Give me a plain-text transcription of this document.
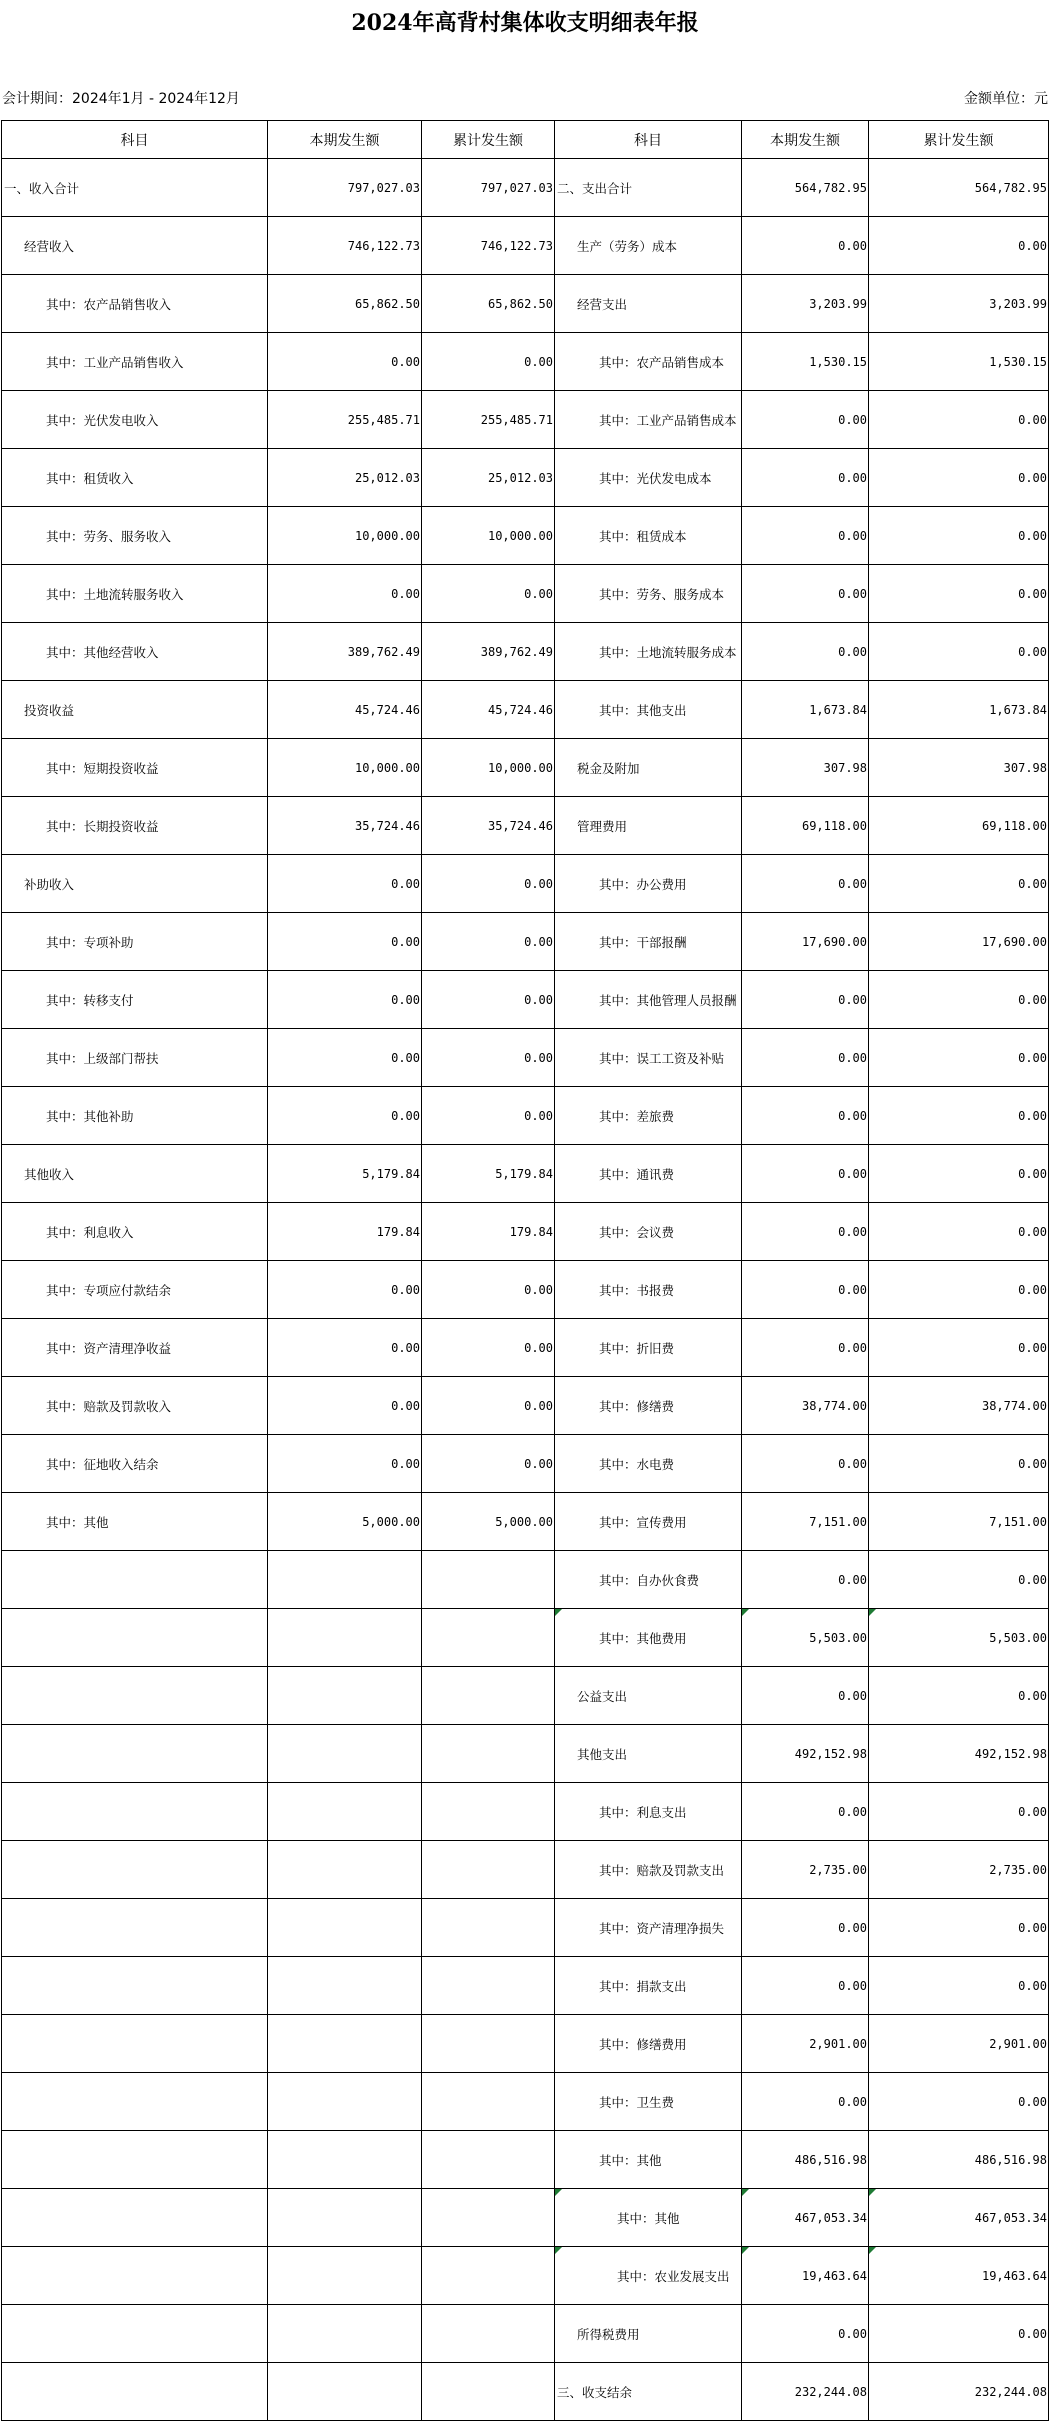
2024年高背村集体收支明细表年报
会计期间：2024年1月 - 2024年12月	金额单位：元
科目	本期发生额	累计发生额	科目	本期发生额	累计发生额
一、收入合计	797,027.03	797,027.03	二、支出合计	564,782.95	564,782.95
经营收入	746,122.73	746,122.73	生产（劳务）成本	0.00	0.00
其中：农产品销售收入	65,862.50	65,862.50	经营支出	3,203.99	3,203.99
其中：工业产品销售收入	0.00	0.00	其中：农产品销售成本	1,530.15	1,530.15
其中：光伏发电收入	255,485.71	255,485.71	其中：工业产品销售成本	0.00	0.00
其中：租赁收入	25,012.03	25,012.03	其中：光伏发电成本	0.00	0.00
其中：劳务、服务收入	10,000.00	10,000.00	其中：租赁成本	0.00	0.00
其中：土地流转服务收入	0.00	0.00	其中：劳务、服务成本	0.00	0.00
其中：其他经营收入	389,762.49	389,762.49	其中：土地流转服务成本	0.00	0.00
投资收益	45,724.46	45,724.46	其中：其他支出	1,673.84	1,673.84
其中：短期投资收益	10,000.00	10,000.00	税金及附加	307.98	307.98
其中：长期投资收益	35,724.46	35,724.46	管理费用	69,118.00	69,118.00
补助收入	0.00	0.00	其中：办公费用	0.00	0.00
其中：专项补助	0.00	0.00	其中：干部报酬	17,690.00	17,690.00
其中：转移支付	0.00	0.00	其中：其他管理人员报酬	0.00	0.00
其中：上级部门帮扶	0.00	0.00	其中：误工工资及补贴	0.00	0.00
其中：其他补助	0.00	0.00	其中：差旅费	0.00	0.00
其他收入	5,179.84	5,179.84	其中：通讯费	0.00	0.00
其中：利息收入	179.84	179.84	其中：会议费	0.00	0.00
其中：专项应付款结余	0.00	0.00	其中：书报费	0.00	0.00
其中：资产清理净收益	0.00	0.00	其中：折旧费	0.00	0.00
其中：赔款及罚款收入	0.00	0.00	其中：修缮费	38,774.00	38,774.00
其中：征地收入结余	0.00	0.00	其中：水电费	0.00	0.00
其中：其他	5,000.00	5,000.00	其中：宣传费用	7,151.00	7,151.00
			其中：自办伙食费	0.00	0.00
			其中：其他费用	5,503.00	5,503.00
			公益支出	0.00	0.00
			其他支出	492,152.98	492,152.98
			其中：利息支出	0.00	0.00
			其中：赔款及罚款支出	2,735.00	2,735.00
			其中：资产清理净损失	0.00	0.00
			其中：捐款支出	0.00	0.00
			其中：修缮费用	2,901.00	2,901.00
			其中：卫生费	0.00	0.00
			其中：其他	486,516.98	486,516.98
			其中：其他	467,053.34	467,053.34
			其中：农业发展支出	19,463.64	19,463.64
			所得税费用	0.00	0.00
			三、收支结余	232,244.08	232,244.08
